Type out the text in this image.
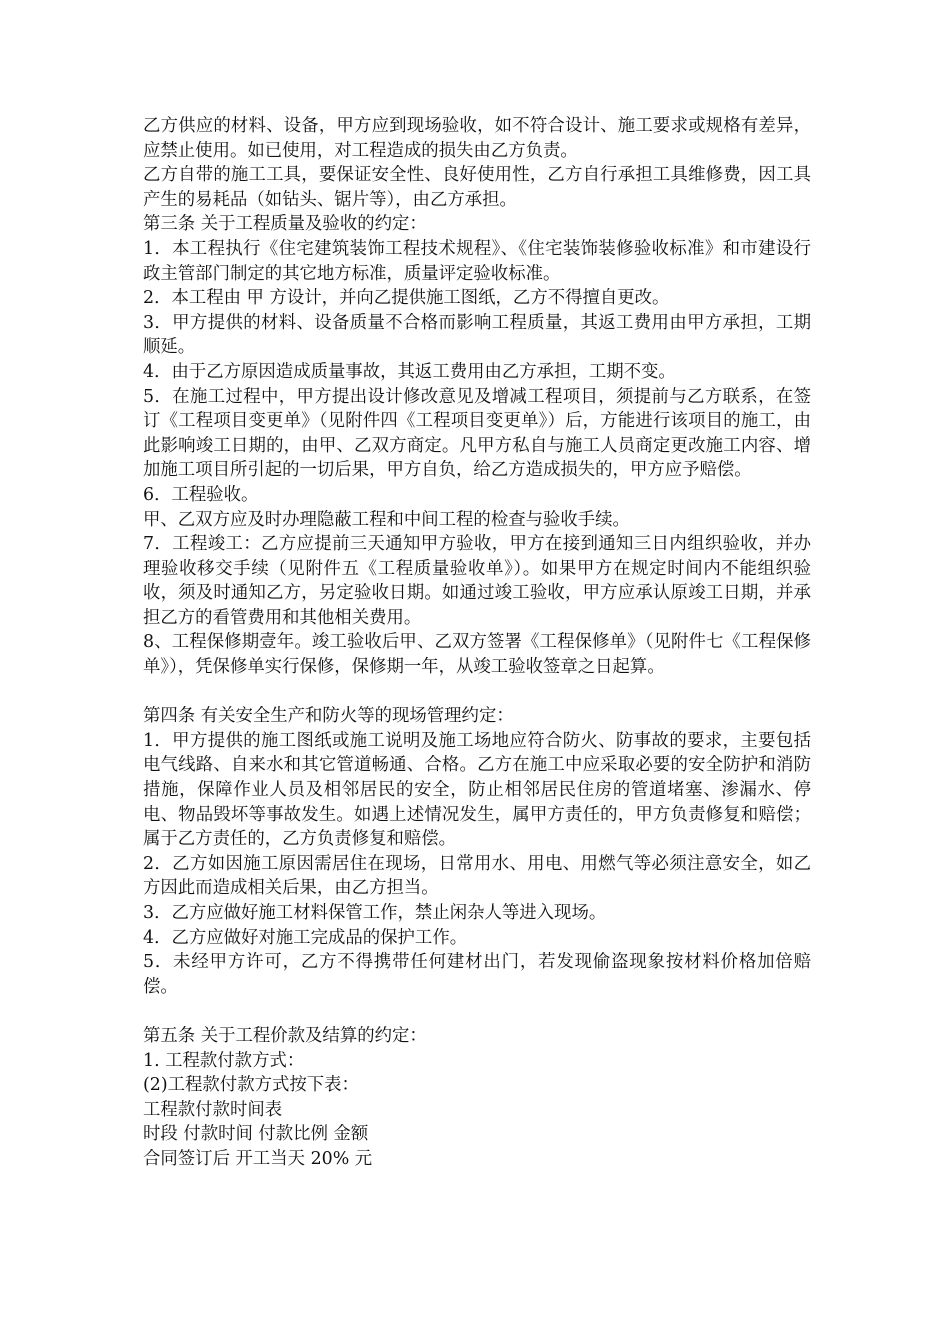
乙方供应的材料、设备，甲方应到现场验收，如不符合设计、施工要求或规格有差异，应禁止使用。如已使用，对工程造成的损失由乙方负责。

乙方自带的施工工具，要保证安全性、良好使用性，乙方自行承担工具维修费，因工具产生的易耗品（如钻头、锯片等），由乙方承担。

第三条 关于工程质量及验收的约定：

1．本工程执行《住宅建筑装饰工程技术规程》、《住宅装饰装修验收标准》和市建设行政主管部门制定的其它地方标准，质量评定验收标准。

2．本工程由 甲 方设计，并向乙提供施工图纸，乙方不得擅自更改。

3．甲方提供的材料、设备质量不合格而影响工程质量，其返工费用由甲方承担，工期顺延。

4．由于乙方原因造成质量事故，其返工费用由乙方承担，工期不变。

5．在施工过程中，甲方提出设计修改意见及增减工程项目，须提前与乙方联系，在签订《工程项目变更单》（见附件四《工程项目变更单》）后，方能进行该项目的施工，由此影响竣工日期的，由甲、乙双方商定。凡甲方私自与施工人员商定更改施工内容、增加施工项目所引起的一切后果，甲方自负，给乙方造成损失的，甲方应予赔偿。

6．工程验收。

甲、乙双方应及时办理隐蔽工程和中间工程的检查与验收手续。

7．工程竣工：乙方应提前三天通知甲方验收，甲方在接到通知三日内组织验收，并办理验收移交手续（见附件五《工程质量验收单》）。如果甲方在规定时间内不能组织验收，须及时通知乙方，另定验收日期。如通过竣工验收，甲方应承认原竣工日期，并承担乙方的看管费用和其他相关费用。

8、工程保修期壹年。竣工验收后甲、乙双方签署《工程保修单》（见附件七《工程保修单》），凭保修单实行保修，保修期一年，从竣工验收签章之日起算。

第四条 有关安全生产和防火等的现场管理约定：

1．甲方提供的施工图纸或施工说明及施工场地应符合防火、防事故的要求，主要包括电气线路、自来水和其它管道畅通、合格。乙方在施工中应采取必要的安全防护和消防措施，保障作业人员及相邻居民的安全，防止相邻居民住房的管道堵塞、渗漏水、停电、物品毁坏等事故发生。如遇上述情况发生，属甲方责任的，甲方负责修复和赔偿；属于乙方责任的，乙方负责修复和赔偿。

2．乙方如因施工原因需居住在现场，日常用水、用电、用燃气等必须注意安全，如乙方因此而造成相关后果，由乙方担当。

3．乙方应做好施工材料保管工作，禁止闲杂人等进入现场。

4．乙方应做好对施工完成品的保护工作。

5．未经甲方许可，乙方不得携带任何建材出门，若发现偷盗现象按材料价格加倍赔偿。

第五条 关于工程价款及结算的约定：

1. 工程款付款方式：

(2)工程款付款方式按下表：

工程款付款时间表

时段 付款时间 付款比例 金额

合同签订后 开工当天 20% 元
